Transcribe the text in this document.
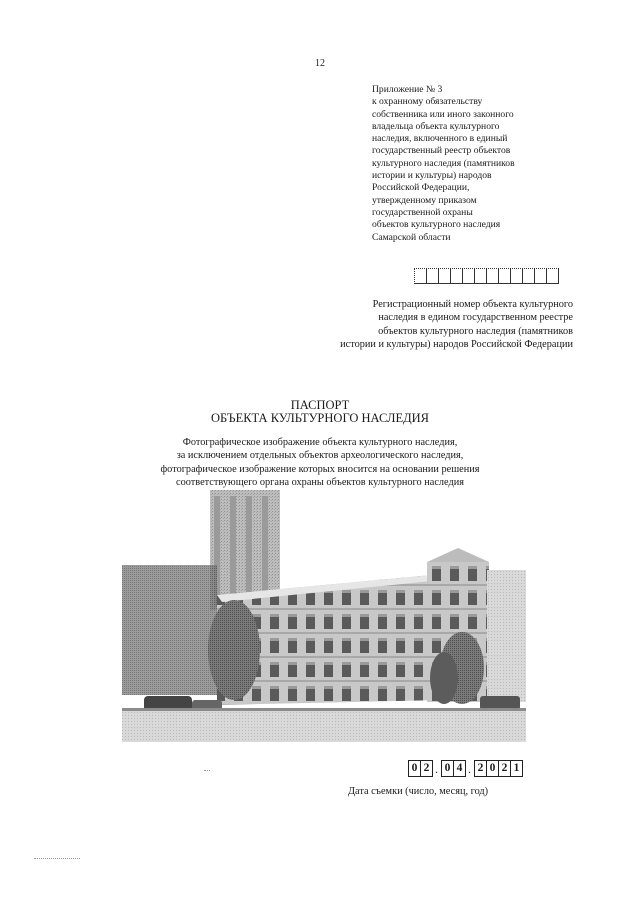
12
Приложение № 3
к охранному обязательству
собственника или иного законного
владельца объекта культурного
наследия, включенного в единый
государственный реестр объектов
культурного наследия (памятников
истории и культуры) народов
Российской Федерации,
утвержденному приказом
государственной охраны
объектов культурного наследия
Самарской области
Регистрационный номер объекта культурного
наследия в едином государственном реестре
объектов культурного наследия (памятников
истории и культуры) народов Российской Федерации
ПАСПОРТ
ОБЪЕКТА КУЛЬТУРНОГО НАСЛЕДИЯ
Фотографическое изображение объекта культурного наследия,
за исключением отдельных объектов археологического наследия,
фотографическое изображение которых вносится на основании решения
соответствующего органа охраны объектов культурного наследия
0 2 . 0 4 . 2 0 2 1
Дата съемки (число, месяц, год)
